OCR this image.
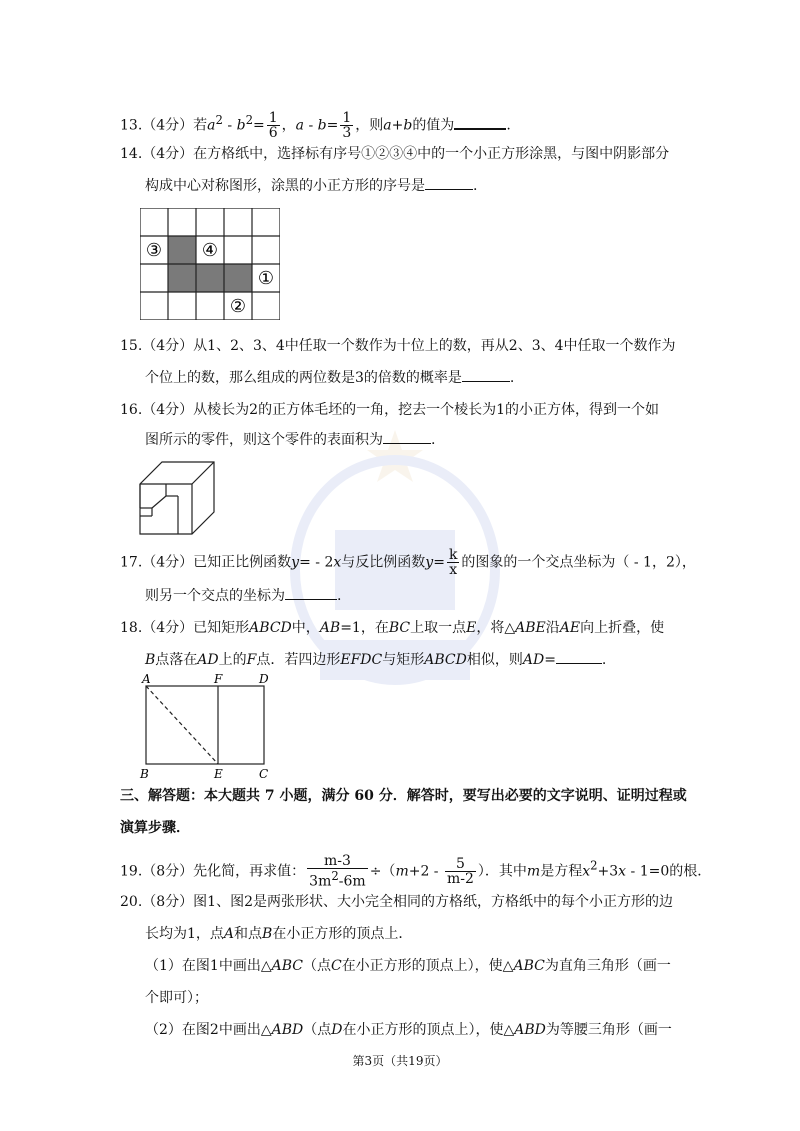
13.（4分）若$a^2 - b^2= \frac{1}{6}$ ，$a - b= \frac{1}{3}$ ，则a+b的值为	.
14.（4分）在方格纸中，选择标有序号①②③④中的一个小正方形涂黑，与图中阴影部分
构成中心对称图形，涂黑的小正方形的序号是	.
③ ④
①
②
15.（4分）从1、2、3、4中任取一个数作为十位上的数，再从2、3、4中任取一个数作为
个位上的数，那么组成的两位数是3的倍数的概率是	.
16.（4分）从棱长为2的正方体毛坯的一角，挖去一个棱长为1的小正方体，得到一个如
图所示的零件，则这个零件的表面积为	.
17.（4分）已知正比例函数y= - 2x与反比例函数$y= \frac{k}{x}$ 的图象的一个交点坐标为（ - 1，2），
则另一个交点的坐标为	.
18.（4分）已知矩形ABCD中，AB=1，在BC上取一点E，将△ABE沿AE向上折叠，使
B点落在AD上的F点．若四边形EFDC与矩形ABCD相似，则AD=	.
A	F	D
B	E	C
三、解答题：本大题共 7 小题，满分 60 分．解答时，要写出必要的文字说明、证明过程或
演算步骤．
19.（8分）先化简，再求值： $\frac{m-3}{3m^2-6m} \div(m+2 - \frac{5}{m-2}$ ）．其中m是方程$x^2+3x - 1=0$的根．
20.（8分）图1、图2是两张形状、大小完全相同的方格纸，方格纸中的每个小正方形的边
长均为1，点A和点B在小正方形的顶点上．
（1）在图1中画出△ABC（点C在小正方形的顶点上），使△ABC为直角三角形（画一
个即可）；
（2）在图2中画出△ABD（点D在小正方形的顶点上），使△ABD为等腰三角形（画一
第3页（共19页）
